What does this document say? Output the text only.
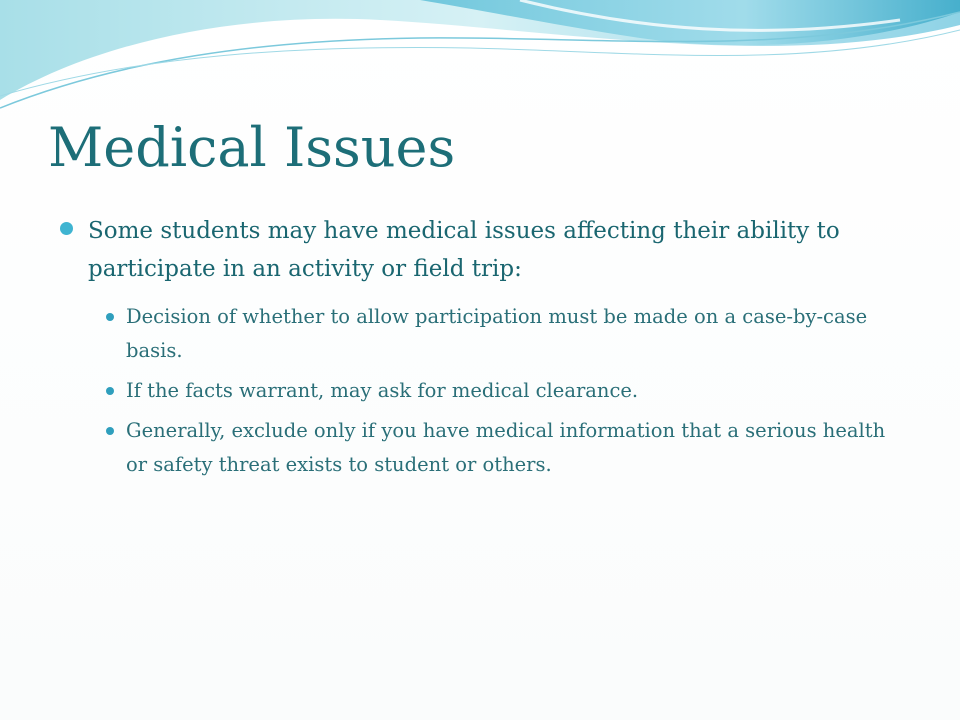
Medical Issues
Some students may have medical issues affecting their ability to participate in an activity or field trip:
Decision of whether to allow participation must be made on a case-by-case basis.
If the facts warrant, may ask for medical clearance.
Generally, exclude only if you have medical information that a serious health or safety threat exists to student or others.
